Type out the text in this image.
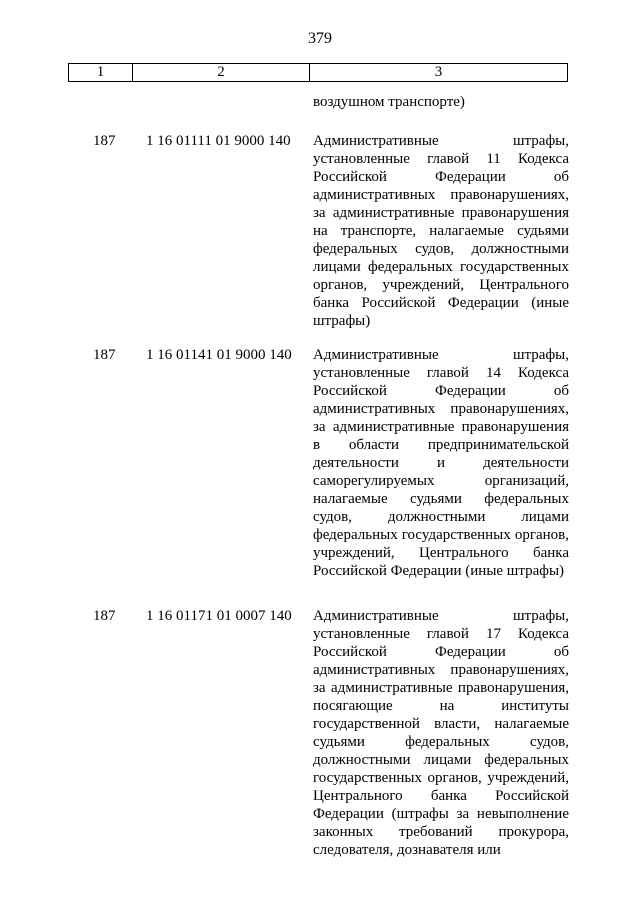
379
1	2	3
воздушном транспорте)
187 1 16 01111 01 9000 140 Административные штрафы, установленные главой 11 Кодекса Российской Федерации об административных правонарушениях, за административные правонарушения на транспорте, налагаемые судьями федеральных судов, должностными лицами федеральных государственных органов, учреждений, Центрального банка Российской Федерации (иные штрафы)
187 1 16 01141 01 9000 140 Административные штрафы, установленные главой 14 Кодекса Российской Федерации об административных правонарушениях, за административные правонарушения в области предпринимательской деятельности и деятельности саморегулируемых организаций, налагаемые судьями федеральных судов, должностными лицами федеральных государственных органов, учреждений, Центрального банка Российской Федерации (иные штрафы)
187 1 16 01171 01 0007 140 Административные штрафы, установленные главой 17 Кодекса Российской Федерации об административных правонарушениях, за административные правонарушения, посягающие на институты государственной власти, налагаемые судьями федеральных судов, должностными лицами федеральных государственных органов, учреждений, Центрального банка Российской Федерации (штрафы за невыполнение законных требований прокурора, следователя, дознавателя или
